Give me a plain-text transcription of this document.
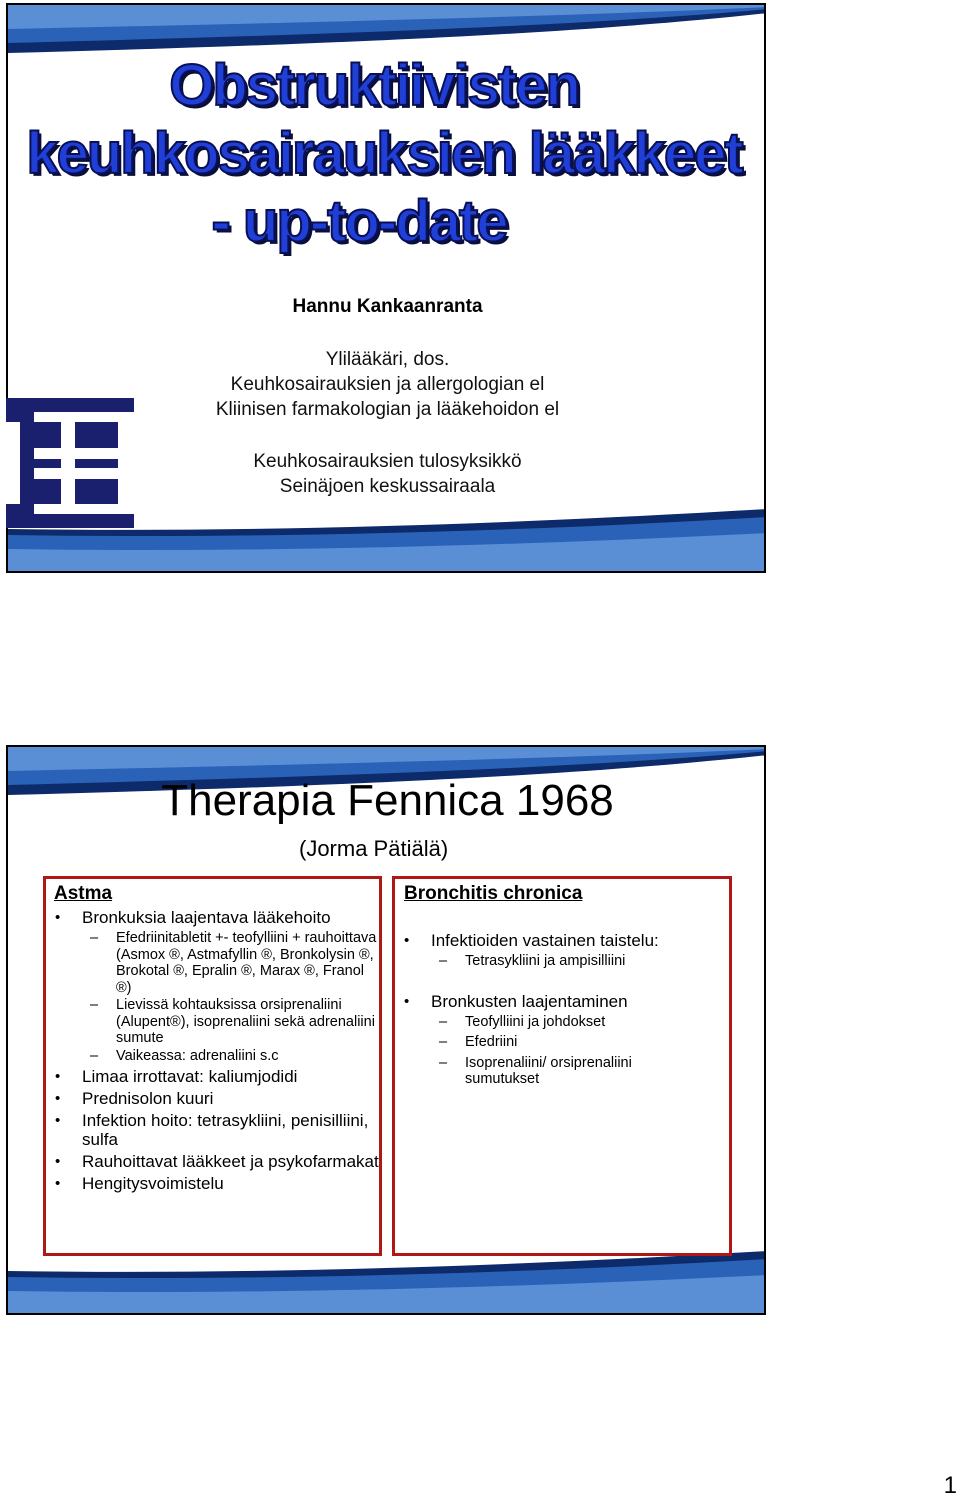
Obstruktiivisten
keuhkosairauksien lääkkeet
- up-to-date
Hannu Kankaanranta
Ylilääkäri, dos.
Keuhkosairauksien ja allergologian el
Kliinisen farmakologian ja lääkehoidon el
Keuhkosairauksien tulosyksikkö
Seinäjoen keskussairaala
Therapia Fennica 1968
(Jorma Pätiälä)
Astma
• Bronkuksia laajentava lääkehoito
– Efedriinitabletit +- teofylliini + rauhoittava (Asmox ®, Astmafyllin ®, Bronkolysin ®, Brokotal ®, Epralin ®, Marax ®, Franol ®)
– Lievissä kohtauksissa orsiprenaliini (Alupent®), isoprenaliini sekä adrenaliini sumute
– Vaikeassa: adrenaliini s.c
• Limaa irrottavat: kaliumjodidi
• Prednisolon kuuri
• Infektion hoito: tetrasykliini, penisilliini, sulfa
• Rauhoittavat lääkkeet ja psykofarmakat
• Hengitysvoimistelu
Bronchitis chronica
• Infektioiden vastainen taistelu:
– Tetrasykliini ja ampisilliini
• Bronkusten laajentaminen
– Teofylliini ja johdokset
– Efedriini
– Isoprenaliini/ orsiprenaliini sumutukset
1
